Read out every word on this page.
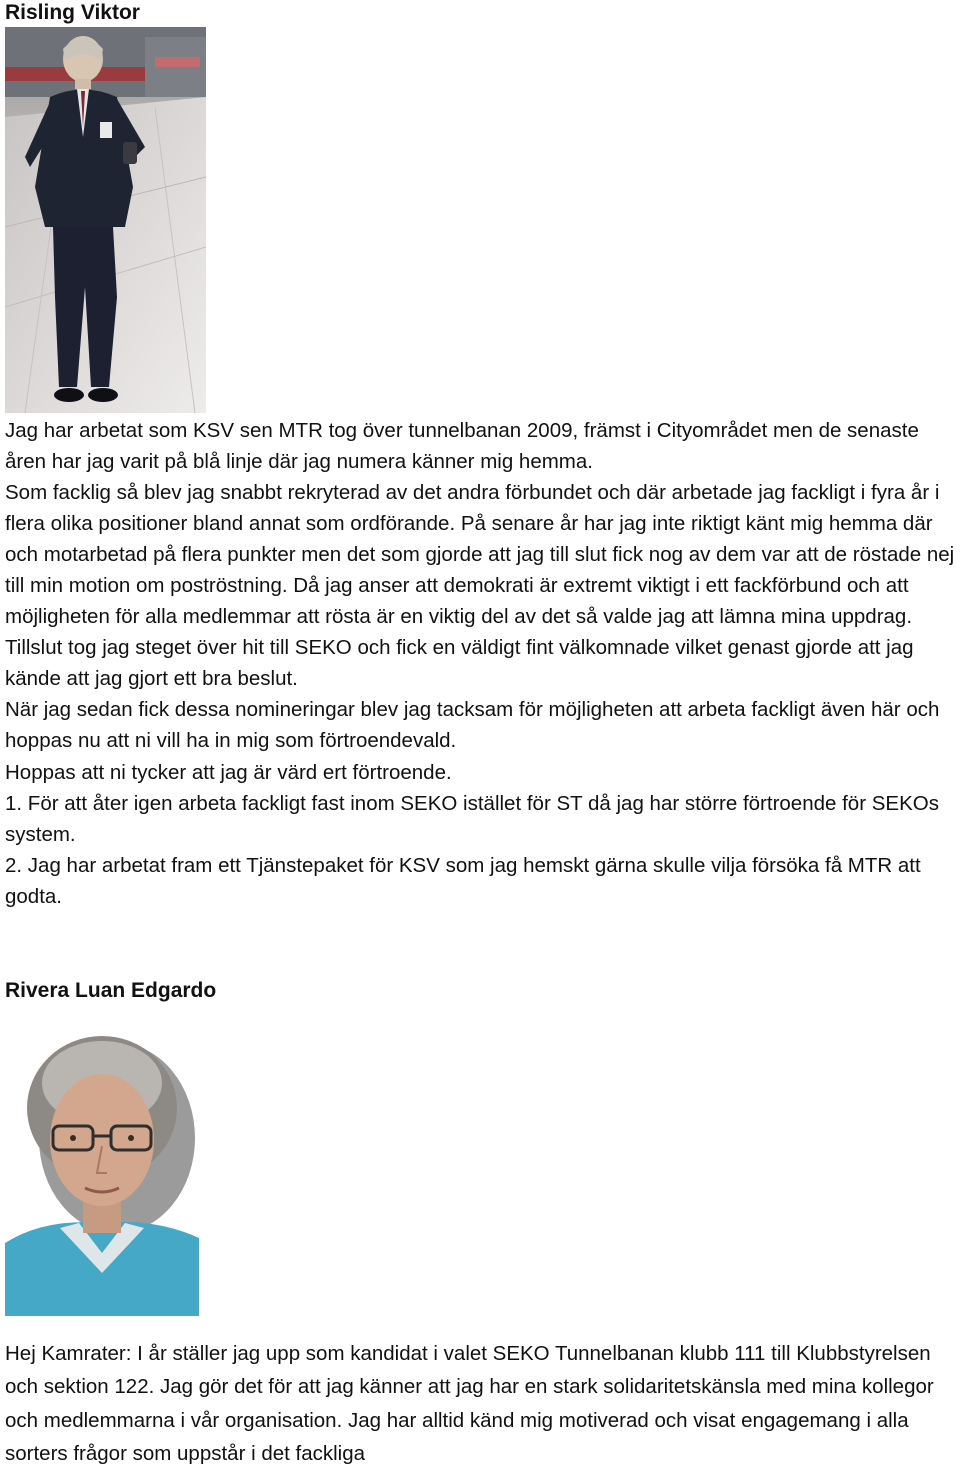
Risling Viktor

Jag har arbetat som KSV sen MTR tog över tunnelbanan 2009, främst i Cityområdet men de senaste åren har jag varit på blå linje där jag numera känner mig hemma.

Som facklig så blev jag snabbt rekryterad av det andra förbundet och där arbetade jag fackligt i fyra år i flera olika positioner bland annat som ordförande. På senare år har jag inte riktigt känt mig hemma där och motarbetad på flera punkter men det som gjorde att jag till slut fick nog av dem var att de röstade nej till min motion om poströstning. Då jag anser att demokrati är extremt viktigt i ett fackförbund och att möjligheten för alla medlemmar att rösta är en viktig del av det så valde jag att lämna mina uppdrag.

Tillslut tog jag steget över hit till SEKO och fick en väldigt fint välkomnade vilket genast gjorde att jag kände att jag gjort ett bra beslut.

När jag sedan fick dessa nomineringar blev jag tacksam för möjligheten att arbeta fackligt även här och hoppas nu att ni vill ha in mig som förtroendevald.

Hoppas att ni tycker att jag är värd ert förtroende.

1. För att åter igen arbeta fackligt fast inom SEKO istället för ST då jag har större förtroende för SEKOs system.

2. Jag har arbetat fram ett Tjänstepaket för KSV som jag hemskt gärna skulle vilja försöka få MTR att godta.

Rivera Luan Edgardo

Hej Kamrater: I år ställer jag upp som kandidat i valet SEKO Tunnelbanan klubb 111 till Klubbstyrelsen och sektion 122. Jag gör det för att jag känner att jag har en stark solidaritetskänsla med mina kollegor och medlemmarna i vår organisation. Jag har alltid känd mig motiverad och visat engagemang i alla sorters frågor som uppstår i det fackliga
